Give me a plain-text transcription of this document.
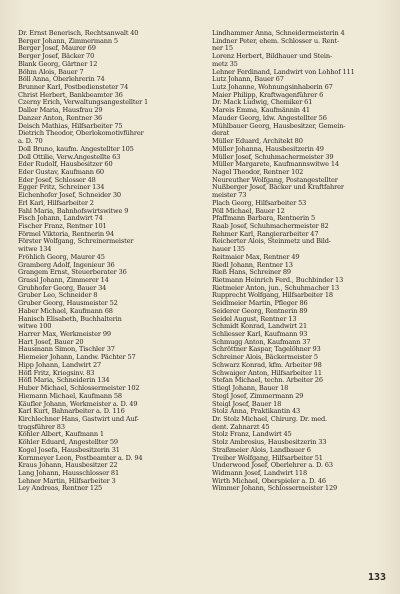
Dr. Ernst Benerisch, Rechtsanwalt 40
Berger Johann, Zimmermann 5
Berger Josef, Maurer 69
Berger Josef, Bäcker 70
Blank Georg, Gärtner 12
Böhm Alois, Bauer 7
Böll Anna, Oberlehrerin 74
Brunner Karl, Postbediensteter 74
Christ Herbert, Bankbeamter 36
Czerny Erich, Verwaltungsangestellter 1
Daller Maria, Hausfrau 29
Danzer Anton, Rentner 36
Deisch Mathias, Hilfsarbeiter 75
Dietrich Theodor, Oberlokomotivführer
a. D. 70
Doll Bruno, kaufm. Angestellter 105
Doll Ottilie, Verw.Angestellte 63
Eder Rudolf, Hausbesitzer 60
Eder Gustav, Kaufmann 60
Eder Josef, Schlosser 48
Egger Fritz, Schreiner 134
Eichenhofer Josef, Schneider 30
Erl Karl, Hilfsarbeiter 2
Fahl Maria, Bahnhofswirtswitwe 9
Fisch Johann, Landwirt 74
Fischer Franz, Rentner 101
Förmel Viktoria, Rentnerin 94
Förster Wolfgang, Schreinermeister
witwe 134
Fröhlich Georg, Maurer 45
Gramberg Adolf, Ingenieur 36
Grangem Ernst, Steuerberater 36
Grassl Johann, Zimmerer 14
Grubhofer Georg, Bauer 34
Gruber Leo, Schneider 8
Gruber Georg, Hausmeister 52
Haber Michael, Kaufmann 68
Hanisch Elisabeth, Buchhalterin
witwe 100
Harrer Max, Werkmeister 99
Hart Josef, Bauer 20
Hausmann Simon, Tischler 37
Hiemeier Johann, Landw. Pächter 57
Hipp Johann, Landwirt 27
Höfl Fritz, Kriegsinv. 83
Höfl Maria, Schneiderin 134
Huber Michael, Schlossermeister 102
Hiemann Michael, Kaufmann 58
Käufler Johann, Werkmeister a. D. 49
Karl Kurt, Bahnarbeiter a. D. 116
Kirchlechner Hans, Gastwirt und Auf-
tragsführer 83
Köhler Albert, Kaufmann 1
Köhler Eduard, Angestellter 59
Kogel Josefa, Hausbesitzerin 31
Kornmeyer Leon, Postbeamter a. D. 94
Kraus Johann, Hausbesitzer 22
Lang Johann, Hausschlosser 81
Lehner Martin, Hilfsarbeiter 3
Ley Andreas, Rentner 125
Lindhammer Anna, Schneidermeisterin 4
Lindner Peter, ehem. Schlosser u. Rent-
ner 15
Lorenz Herbert, Bildhauer und Stein-
metz 35
Lehner Ferdinand, Landwirt von Lohhof 111
Lutz Johann, Bauer 67
Lutz Johanne, Wohnungsinhaberin 67
Maier Philipp, Kraftwagenführer 6
Dr. Mack Ludwig, Chemiker 61
Mareis Emma, Kaufmännin 41
Mauder Georg, ldw. Angestellter 56
Mühlbauer Georg, Hausbesitzer, Gemein-
derat
Müller Eduard, Architekt 80
Müller Johanna, Hausbesitzerin 49
Müller Josef, Schuhmachermeister 39
Müller Margarete, Kaufmannswitwe 14
Nagel Theodor, Rentner 102
Neureuther Wolfgang, Postangestellter
Nußberger Josef, Bäcker und Kraftfahrer
meister 73
Plach Georg, Hilfsarbeiter 53
Pöll Michael, Bauer 12
Pfaffmann Barbara, Rentnerin 5
Raab Josef, Schuhmachermeister 82
Rehmer Karl, Rangierarbeiter 47
Reicherter Alois, Steinmetz und Bild-
hauer 135
Reitmaier Max, Rentner 49
Riedl Johann, Rentner 13
Rieß Hans, Schreiner 89
Rietmann Heinrich Ferd., Buchbinder 13
Rietmeier Anton, jun., Schuhmacher 13
Rupprecht Wolfgang, Hilfsarbeiter 18
Seidlmeier Martin, Pfleger 86
Seiderer Georg, Rentnerin 89
Seidel August, Rentner 13
Schmidt Konrad, Landwirt 21
Schliesser Karl, Kaufmann 93
Schmugg Anton, Kaufmann 37
Schröttner Kaspar, Tagelöhner 93
Schreiner Alois, Bäckermeister 5
Schwarz Konrad, kfm. Arbeiter 98
Schwaiger Anton, Hilfsarbeiter 11
Stefan Michael, techn. Arbeiter 26
Stiegl Johann, Bauer 18
Stegl Josef, Zimmermann 29
Steigl Josef, Bauer 18
Stolz Anna, Praktikantin 43
Dr. Stolz Michael, Chirurg. Dr. med.
dent. Zahnarzt 45
Stolz Franz, Landwirt 45
Stolz Ambrosius, Hausbesitzerin 33
Straßmeier Alois, Landbauer 6
Treiber Wolfgang, Hilfsarbeiter 51
Underwood Josef, Oberlehrer a. D. 63
Widmann Josef, Landwirt 118
Wirth Michael, Oberspieler a. D. 46
Wimmer Johann, Schlossermeister 129
133
